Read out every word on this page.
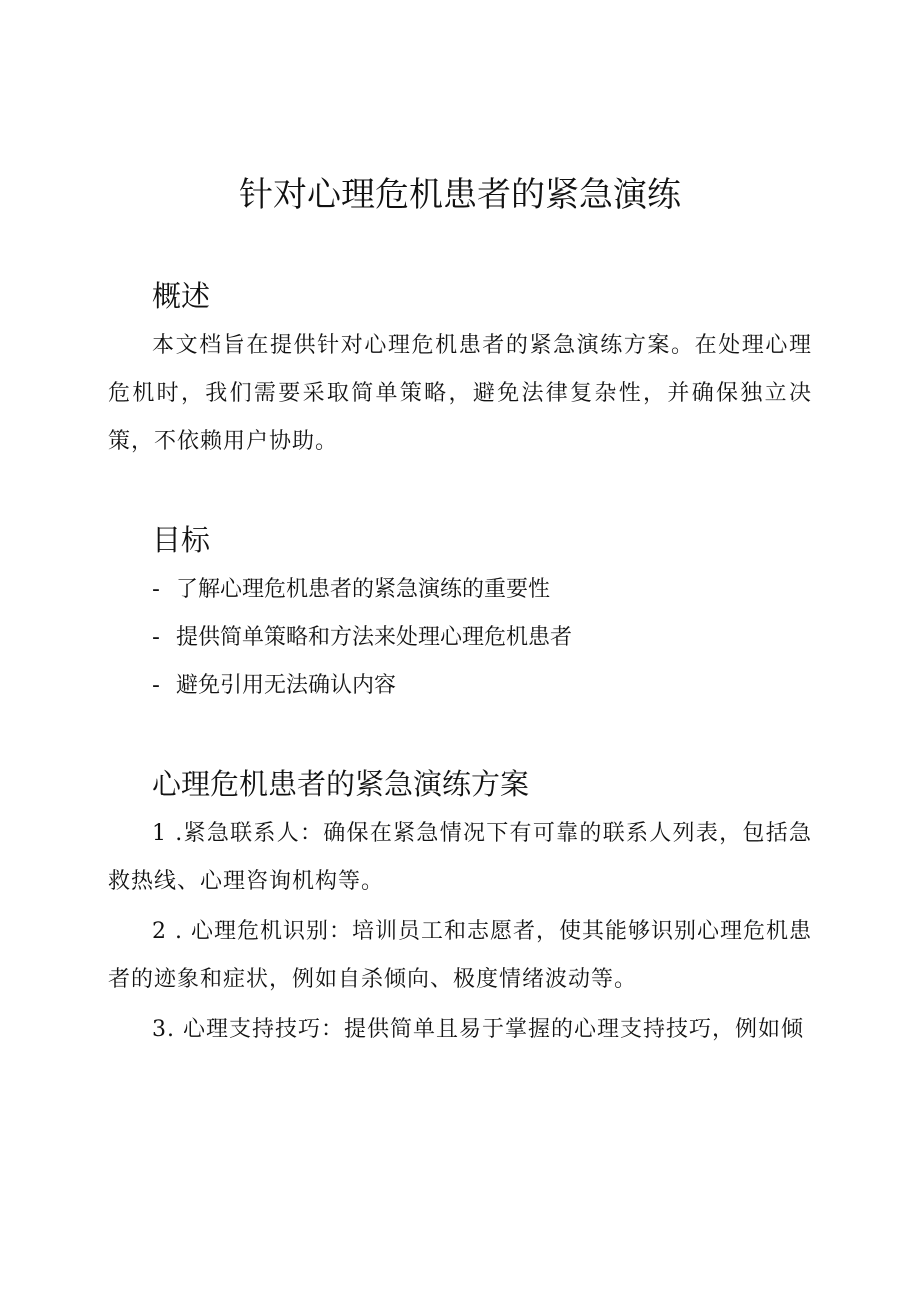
针对心理危机患者的紧急演练
概述

本文档旨在提供针对心理危机患者的紧急演练方案。在处理心理危机时，我们需要采取简单策略，避免法律复杂性，并确保独立决策，不依赖用户协助。

目标
- 了解心理危机患者的紧急演练的重要性
- 提供简单策略和方法来处理心理危机患者
- 避免引用无法确认内容
心理危机患者的紧急演练方案

1 .紧急联系人：确保在紧急情况下有可靠的联系人列表，包括急救热线、心理咨询机构等。

2 . 心理危机识别：培训员工和志愿者，使其能够识别心理危机患者的迹象和症状，例如自杀倾向、极度情绪波动等。

3. 心理支持技巧：提供简单且易于掌握的心理支持技巧，例如倾
